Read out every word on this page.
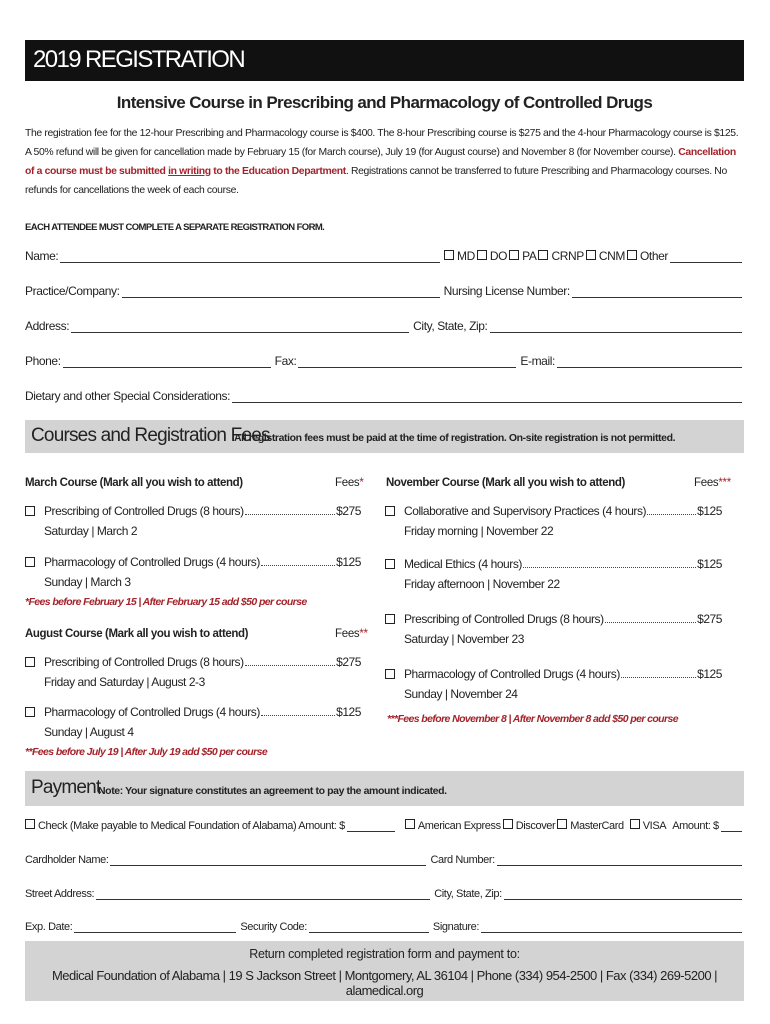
2019 REGISTRATION
Intensive Course in Prescribing and Pharmacology of Controlled Drugs
The registration fee for the 12-hour Prescribing and Pharmacology course is $400. The 8-hour Prescribing course is $275 and the 4-hour Pharmacology course is $125. A 50% refund will be given for cancellation made by February 15 (for March course), July 19 (for August course) and November 8 (for November course). Cancellation of a course must be submitted in writing to the Education Department. Registrations cannot be transferred to future Prescribing and Pharmacology courses. No refunds for cancellations the week of each course.
EACH ATTENDEE MUST COMPLETE A SEPARATE REGISTRATION FORM.
Name:	MD	DO	PA	CRNP	CNM	Other
Practice/Company:	Nursing License Number:
Address:	City, State, Zip:
Phone:	Fax:	E-mail:
Dietary and other Special Considerations:
Courses and Registration Fees
All registration fees must be paid at the time of registration. On-site registration is not permitted.
March Course (Mark all you wish to attend)	Fees*
Prescribing of Controlled Drugs (8 hours)	$275
Saturday | March 2
Pharmacology of Controlled Drugs (4 hours)	$125
Sunday | March 3
*Fees before February 15 | After February 15 add $50 per course
August Course (Mark all you wish to attend)	Fees**
Prescribing of Controlled Drugs (8 hours)	$275
Friday and Saturday | August 2-3
Pharmacology of Controlled Drugs (4 hours)	$125
Sunday | August 4
**Fees before July 19 | After July 19 add $50 per course
November Course (Mark all you wish to attend)	Fees***
Collaborative and Supervisory Practices (4 hours)	$125
Friday morning | November 22
Medical Ethics (4 hours)	$125
Friday afternoon | November 22
Prescribing of Controlled Drugs (8 hours)	$275
Saturday | November 23
Pharmacology of Controlled Drugs (4 hours)	$125
Sunday | November 24
***Fees before November 8 | After November 8 add $50 per course
Payment
Note: Your signature constitutes an agreement to pay the amount indicated.
Check (Make payable to Medical Foundation of Alabama) Amount: $	American Express	Discover	MasterCard	VISA Amount: $
Cardholder Name:	Card Number:
Street Address:	City, State, Zip:
Exp. Date:	Security Code:	Signature:
Return completed registration form and payment to:
Medical Foundation of Alabama | 19 S Jackson Street | Montgomery, AL 36104 | Phone (334) 954-2500 | Fax (334) 269-5200 | alamedical.org
